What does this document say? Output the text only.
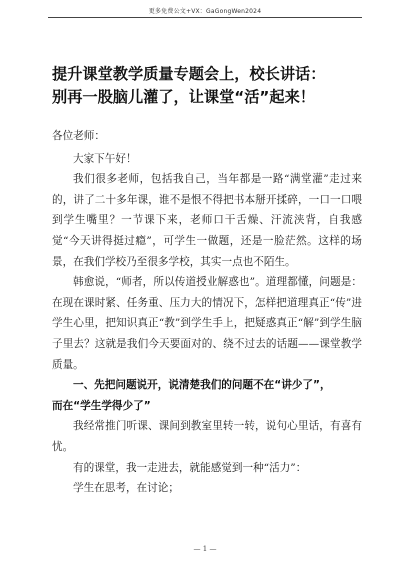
更多免费公文+VX：GaGongWen2024
提升课堂教学质量专题会上，校长讲话：
别再一股脑儿灌了，让课堂“活”起来！

各位老师：

大家下午好！

我们很多老师，包括我自己，当年都是一路“满堂灌”走过来的，讲了二十多年课，谁不是恨不得把书本掰开揉碎，一口一口喂到学生嘴里？一节课下来，老师口干舌燥、汗流浃背，自我感觉“今天讲得挺过瘾”，可学生一做题，还是一脸茫然。这样的场景，在我们学校乃至很多学校，其实一点也不陌生。

韩愈说，“师者，所以传道授业解惑也”。道理都懂，问题是：在现在课时紧、任务重、压力大的情况下，怎样把道理真正“传”进学生心里，把知识真正“教”到学生手上，把疑惑真正“解”到学生脑子里去？这就是我们今天要面对的、绕不过去的话题——课堂教学质量。

一、先把问题说开，说清楚我们的问题不在“讲少了”，
而在“学生学得少了”

我经常推门听课、课间到教室里转一转，说句心里话，有喜有忧。

有的课堂，我一走进去，就能感觉到一种“活力”：

学生在思考，在讨论；

— 1 —
